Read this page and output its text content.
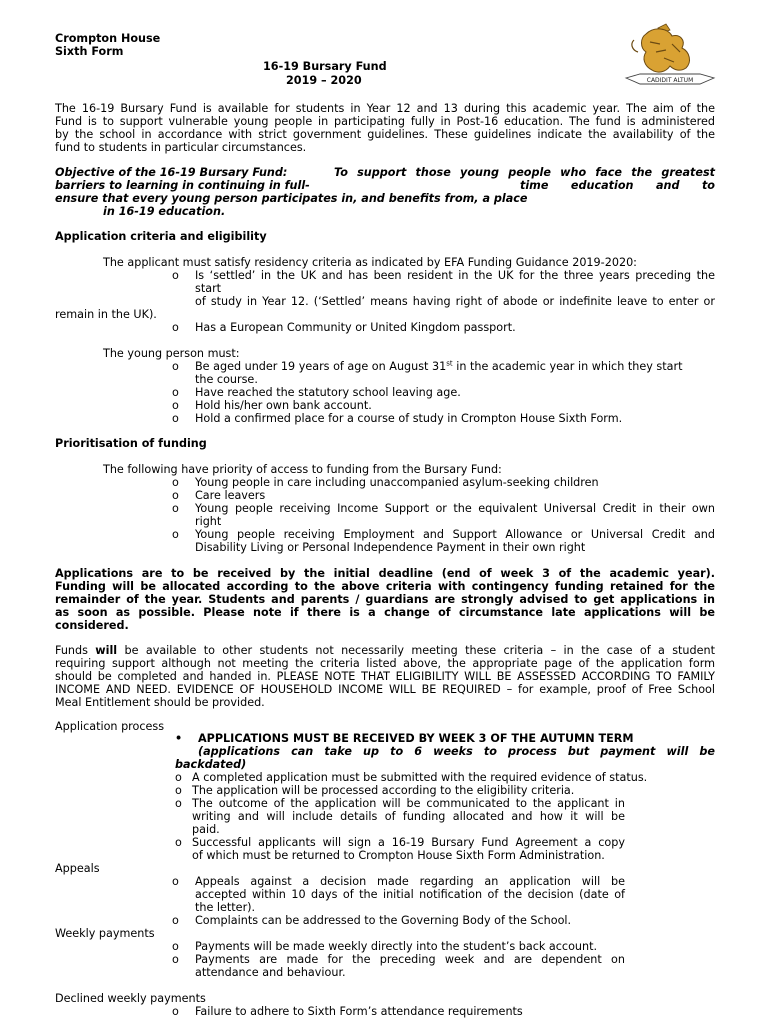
Crompton House
Sixth Form
16-19 Bursary Fund
2019 – 2020	CADIDIT ALTUM
The 16-19 Bursary Fund is available for students in Year 12 and 13 during this academic year. The aim of the
Fund is to support vulnerable young people in participating fully in Post-16 education. The fund is administered
by the school in accordance with strict government guidelines. These guidelines indicate the availability of the
fund to students in particular circumstances.
Objective of the 16-19 Bursary Fund:	To support those young people who face the greatest
barriers to learning in continuing in full-	time education and to
ensure that every young person participates in, and benefits from, a place
in 16-19 education.
Application criteria and eligibility
The applicant must satisfy residency criteria as indicated by EFA Funding Guidance 2019-2020:
o Is ‘settled’ in the UK and has been resident in the UK for the three years preceding the
start
of study in Year 12. (‘Settled’ means having right of abode or indefinite leave to enter or
remain in the UK).
o Has a European Community or United Kingdom passport.
The young person must:
o Be aged under 19 years of age on August 31st in the academic year in which they start
the course.
o Have reached the statutory school leaving age.
o Hold his/her own bank account.
o Hold a confirmed place for a course of study in Crompton House Sixth Form.
Prioritisation of funding
The following have priority of access to funding from the Bursary Fund:
o Young people in care including unaccompanied asylum-seeking children
o Care leavers
o Young people receiving Income Support or the equivalent Universal Credit in their own
right
o Young people receiving Employment and Support Allowance or Universal Credit and
Disability Living or Personal Independence Payment in their own right
Applications are to be received by the initial deadline (end of week 3 of the academic year).
Funding will be allocated according to the above criteria with contingency funding retained for the
remainder of the year. Students and parents / guardians are strongly advised to get applications in
as soon as possible. Please note if there is a change of circumstance late applications will be
considered.
Funds will be available to other students not necessarily meeting these criteria – in the case of a student
requiring support although not meeting the criteria listed above, the appropriate page of the application form
should be completed and handed in. PLEASE NOTE THAT ELIGIBILITY WILL BE ASSESSED ACCORDING TO FAMILY
INCOME AND NEED. EVIDENCE OF HOUSEHOLD INCOME WILL BE REQUIRED – for example, proof of Free School
Meal Entitlement should be provided.
Application process
• APPLICATIONS MUST BE RECEIVED BY WEEK 3 OF THE AUTUMN TERM
(applications can take up to 6 weeks to process but payment will be
backdated)
o A completed application must be submitted with the required evidence of status.
o The application will be processed according to the eligibility criteria.
o The outcome of the application will be communicated to the applicant in
writing and will include details of funding allocated and how it will be
paid.
o Successful applicants will sign a 16-19 Bursary Fund Agreement a copy
of which must be returned to Crompton House Sixth Form Administration.
Appeals
o Appeals against a decision made regarding an application will be
accepted within 10 days of the initial notification of the decision (date of
the letter).
o Complaints can be addressed to the Governing Body of the School.
Weekly payments
o Payments will be made weekly directly into the student’s back account.
o Payments are made for the preceding week and are dependent on
attendance and behaviour.
Declined weekly payments
o Failure to adhere to Sixth Form’s attendance requirements
